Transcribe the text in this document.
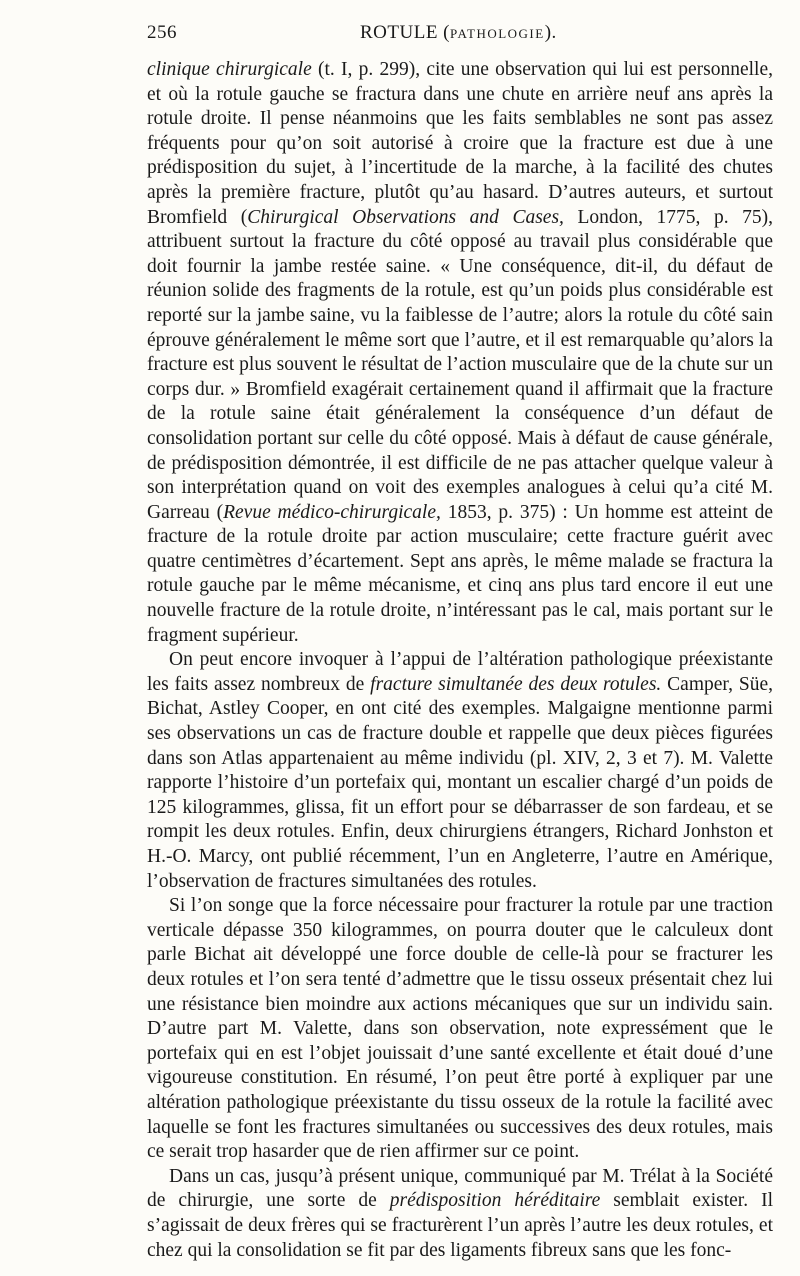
256	ROTULE (PATHOLOGIE).

clinique chirurgicale (t. I, p. 299), cite une observation qui lui est personnelle, et où la rotule gauche se fractura dans une chute en arrière neuf ans après la rotule droite. Il pense néanmoins que les faits semblables ne sont pas assez fréquents pour qu’on soit autorisé à croire que la fracture est due à une prédisposition du sujet, à l’incertitude de la marche, à la facilité des chutes après la première fracture, plutôt qu’au hasard. D’autres auteurs, et surtout Bromfield (Chirurgical Observations and Cases, London, 1775, p. 75), attribuent surtout la fracture du côté opposé au travail plus considérable que doit fournir la jambe restée saine. « Une conséquence, dit-il, du défaut de réunion solide des fragments de la rotule, est qu’un poids plus considérable est reporté sur la jambe saine, vu la faiblesse de l’autre; alors la rotule du côté sain éprouve généralement le même sort que l’autre, et il est remarquable qu’alors la fracture est plus souvent le résultat de l’action musculaire que de la chute sur un corps dur. » Bromfield exagérait certainement quand il affirmait que la fracture de la rotule saine était généralement la conséquence d’un défaut de consolidation portant sur celle du côté opposé. Mais à défaut de cause générale, de prédisposition démontrée, il est difficile de ne pas attacher quelque valeur à son interprétation quand on voit des exemples analogues à celui qu’a cité M. Garreau (Revue médico-chirurgicale, 1853, p. 375) : Un homme est atteint de fracture de la rotule droite par action musculaire; cette fracture guérit avec quatre centimètres d’écartement. Sept ans après, le même malade se fractura la rotule gauche par le même mécanisme, et cinq ans plus tard encore il eut une nouvelle fracture de la rotule droite, n’intéressant pas le cal, mais portant sur le fragment supérieur.

On peut encore invoquer à l’appui de l’altération pathologique préexistante les faits assez nombreux de fracture simultanée des deux rotules. Camper, Süe, Bichat, Astley Cooper, en ont cité des exemples. Malgaigne mentionne parmi ses observations un cas de fracture double et rappelle que deux pièces figurées dans son Atlas appartenaient au même individu (pl. XIV, 2, 3 et 7). M. Valette rapporte l’histoire d’un portefaix qui, montant un escalier chargé d’un poids de 125 kilogrammes, glissa, fit un effort pour se débarrasser de son fardeau, et se rompit les deux rotules. Enfin, deux chirurgiens étrangers, Richard Jonhston et H.-O. Marcy, ont publié récemment, l’un en Angleterre, l’autre en Amérique, l’observation de fractures simultanées des rotules.

Si l’on songe que la force nécessaire pour fracturer la rotule par une traction verticale dépasse 350 kilogrammes, on pourra douter que le calculeux dont parle Bichat ait développé une force double de celle-là pour se fracturer les deux rotules et l’on sera tenté d’admettre que le tissu osseux présentait chez lui une résistance bien moindre aux actions mécaniques que sur un individu sain. D’autre part M. Valette, dans son observation, note expressément que le portefaix qui en est l’objet jouissait d’une santé excellente et était doué d’une vigoureuse constitution. En résumé, l’on peut être porté à expliquer par une altération pathologique préexistante du tissu osseux de la rotule la facilité avec laquelle se font les fractures simultanées ou successives des deux rotules, mais ce serait trop hasarder que de rien affirmer sur ce point.

Dans un cas, jusqu’à présent unique, communiqué par M. Trélat à la Société de chirurgie, une sorte de prédisposition héréditaire semblait exister. Il s’agissait de deux frères qui se fracturèrent l’un après l’autre les deux rotules, et chez qui la consolidation se fit par des ligaments fibreux sans que les fonc-
